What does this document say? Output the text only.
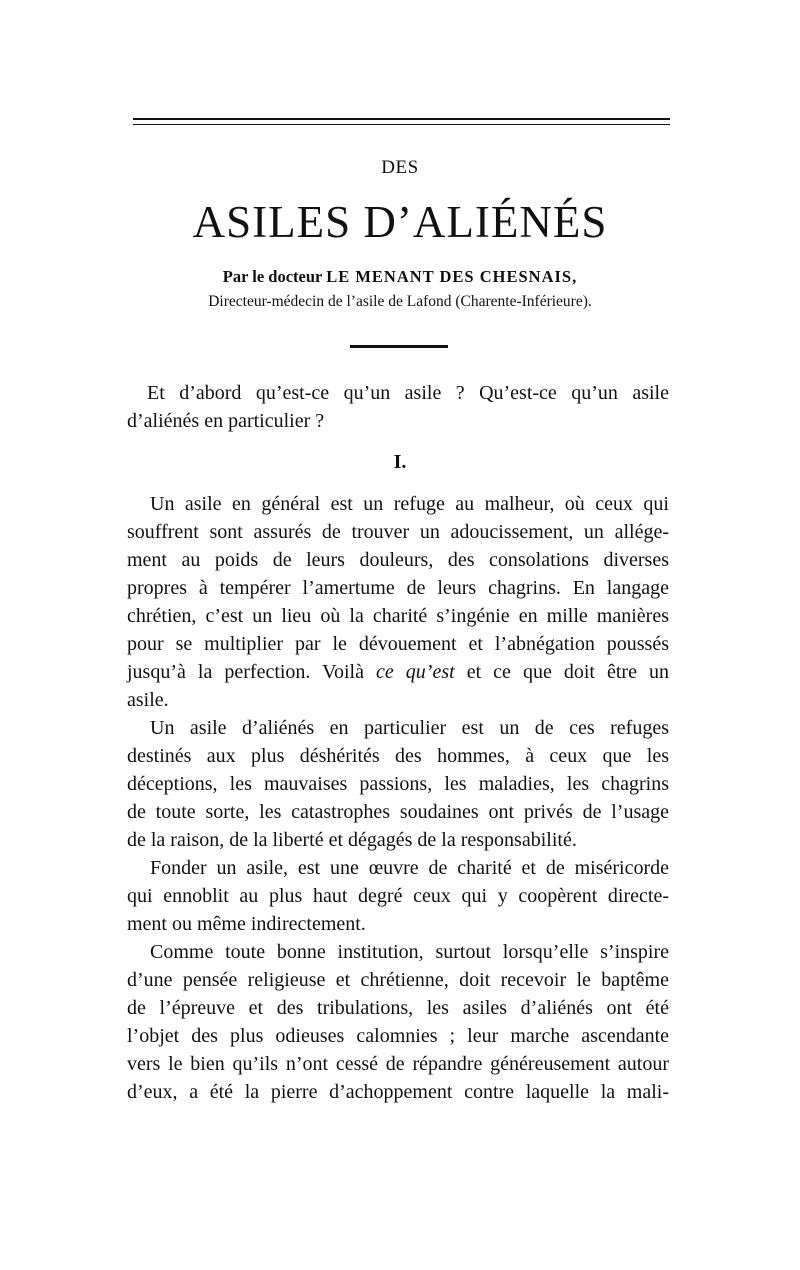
DES
ASILES D’ALIÉNÉS
Par le docteur LE MENANT DES CHESNAIS,
Directeur-médecin de l’asile de Lafond (Charente-Inférieure).
Et d’abord qu’est-ce qu’un asile ? Qu’est-ce qu’un asile
d’aliénés en particulier ?
I.
Un asile en général est un refuge au malheur, où ceux qui
souffrent sont assurés de trouver un adoucissement, un allége-
ment au poids de leurs douleurs, des consolations diverses
propres à tempérer l’amertume de leurs chagrins. En langage
chrétien, c’est un lieu où la charité s’ingénie en mille manières
pour se multiplier par le dévouement et l’abnégation poussés
jusqu’à la perfection. Voilà ce qu’est et ce que doit être un
asile.
Un asile d’aliénés en particulier est un de ces refuges
destinés aux plus déshérités des hommes, à ceux que les
déceptions, les mauvaises passions, les maladies, les chagrins
de toute sorte, les catastrophes soudaines ont privés de l’usage
de la raison, de la liberté et dégagés de la responsabilité.
Fonder un asile, est une œuvre de charité et de miséricorde
qui ennoblit au plus haut degré ceux qui y coopèrent directe-
ment ou même indirectement.
Comme toute bonne institution, surtout lorsqu’elle s’inspire
d’une pensée religieuse et chrétienne, doit recevoir le baptême
de l’épreuve et des tribulations, les asiles d’aliénés ont été
l’objet des plus odieuses calomnies ; leur marche ascendante
vers le bien qu’ils n’ont cessé de répandre généreusement autour
d’eux, a été la pierre d’achoppement contre laquelle la mali-
